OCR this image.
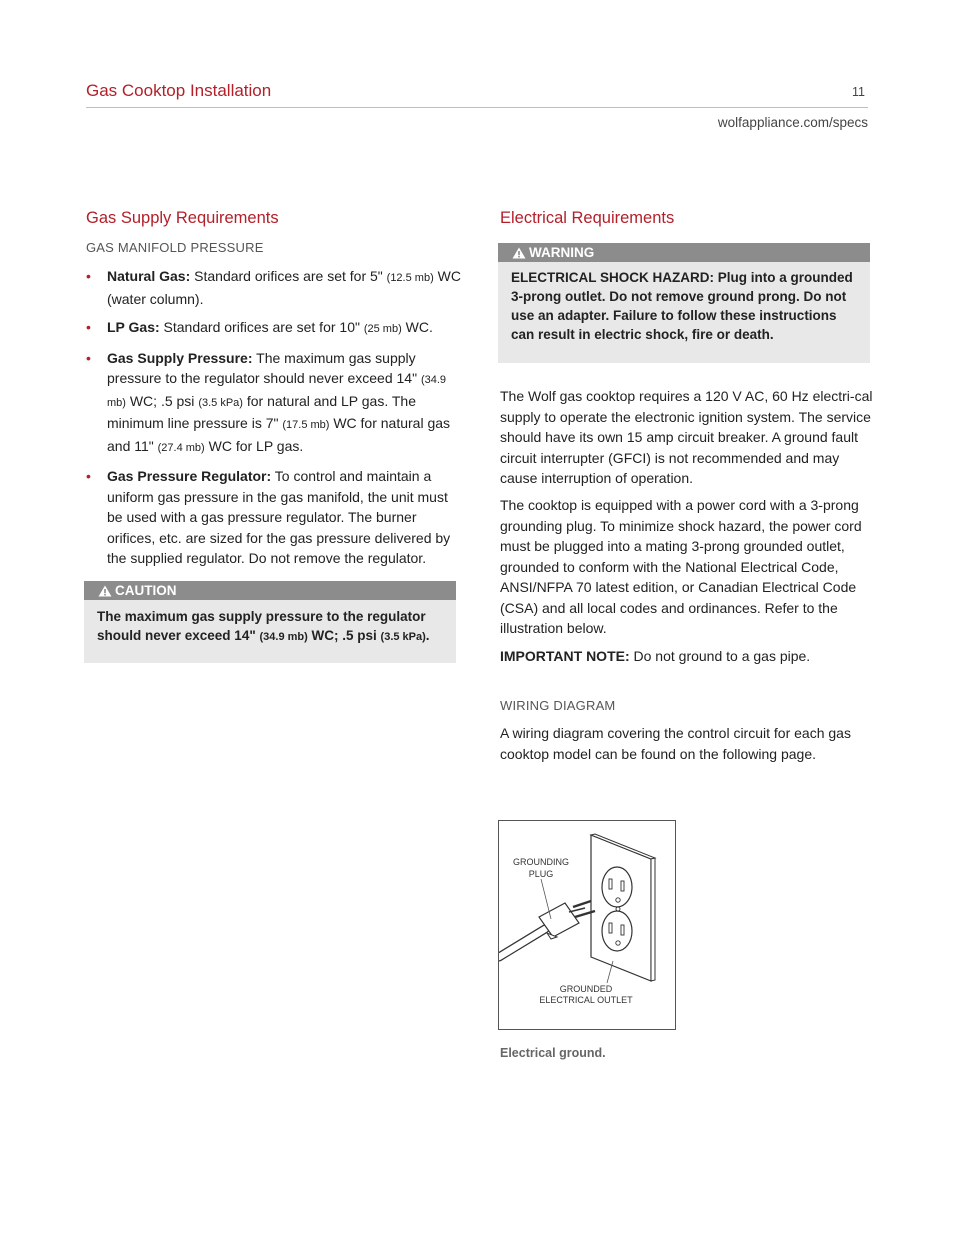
Gas Cooktop Installation	11
wolfappliance.com/specs
Gas Supply Requirements
GAS MANIFOLD PRESSURE
• Natural Gas: Standard orifices are set for 5" (12.5 mb) WC (water column).
• LP Gas: Standard orifices are set for 10" (25 mb) WC.
• Gas Supply Pressure: The maximum gas supply pressure to the regulator should never exceed 14" (34.9 mb) WC; .5 psi (3.5 kPa) for natural and LP gas. The minimum line pressure is 7" (17.5 mb) WC for natural gas and 11" (27.4 mb) WC for LP gas.
• Gas Pressure Regulator: To control and maintain a uniform gas pressure in the gas manifold, the unit must be used with a gas pressure regulator. The burner orifices, etc. are sized for the gas pressure delivered by the supplied regulator. Do not remove the regulator.
CAUTION
The maximum gas supply pressure to the regulator should never exceed 14" (34.9 mb) WC; .5 psi (3.5 kPa).
Electrical Requirements
WARNING
ELECTRICAL SHOCK HAZARD: Plug into a grounded 3-prong outlet. Do not remove ground prong. Do not use an adapter. Failure to follow these instructions can result in electric shock, fire or death.
The Wolf gas cooktop requires a 120 V AC, 60 Hz electri-cal supply to operate the electronic ignition system. The service should have its own 15 amp circuit breaker. A ground fault circuit interrupter (GFCI) is not recommended and may cause interruption of operation.
The cooktop is equipped with a power cord with a 3-prong grounding plug. To minimize shock hazard, the power cord must be plugged into a mating 3-prong grounded outlet, grounded to conform with the National Electrical Code, ANSI/NFPA 70 latest edition, or Canadian Electrical Code (CSA) and all local codes and ordinances. Refer to the illustration below.
IMPORTANT NOTE: Do not ground to a gas pipe.
WIRING DIAGRAM
A wiring diagram covering the control circuit for each gas cooktop model can be found on the following page.
GROUNDING
PLUG
GROUNDED
ELECTRICAL OUTLET
Electrical ground.
